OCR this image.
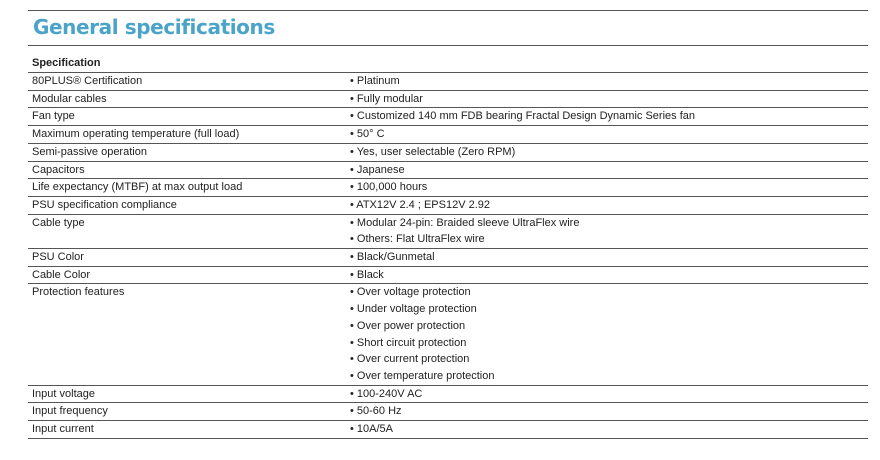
General specifications
Specification
80PLUS® Certification	• Platinum
Modular cables	• Fully modular
Fan type	• Customized 140 mm FDB bearing Fractal Design Dynamic Series fan
Maximum operating temperature (full load)	• 50° C
Semi-passive operation	• Yes, user selectable (Zero RPM)
Capacitors	• Japanese
Life expectancy (MTBF) at max output load	• 100,000 hours
PSU specification compliance	• ATX12V 2.4 ; EPS12V 2.92
Cable type	• Modular 24-pin: Braided sleeve UltraFlex wire
• Others: Flat UltraFlex wire
PSU Color	• Black/Gunmetal
Cable Color	• Black
Protection features	• Over voltage protection
• Under voltage protection
• Over power protection
• Short circuit protection
• Over current protection
• Over temperature protection
Input voltage	• 100-240V AC
Input frequency	• 50-60 Hz
Input current	• 10A/5A
